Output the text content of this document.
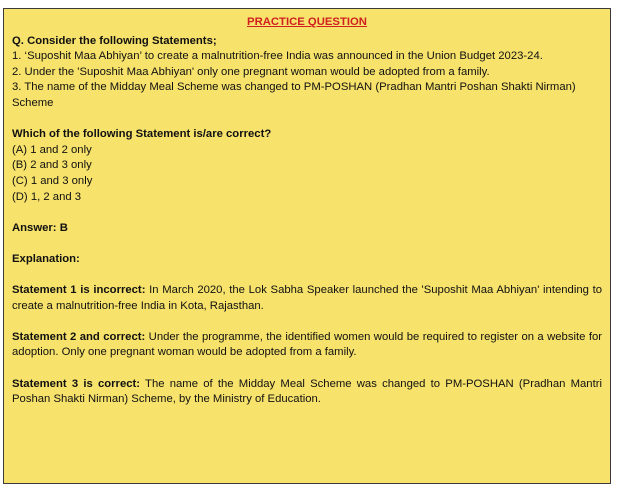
PRACTICE QUESTION

Q. Consider the following Statements;

1. ‘Suposhit Maa Abhiyan’ to create a malnutrition-free India was announced in the Union Budget 2023-24.

2. Under the 'Suposhit Maa Abhiyan' only one pregnant woman would be adopted from a family.

3. The name of the Midday Meal Scheme was changed to PM-POSHAN (Pradhan Mantri Poshan Shakti Nirman) Scheme

Which of the following Statement is/are correct?

(A) 1 and 2 only

(B) 2 and 3 only

(C) 1 and 3 only

(D) 1, 2 and 3

Answer: B

Explanation:

Statement 1 is incorrect: In March 2020, the Lok Sabha Speaker launched the 'Suposhit Maa Abhiyan' intending to create a malnutrition-free India in Kota, Rajasthan.

Statement 2 and correct: Under the programme, the identified women would be required to register on a website for adoption. Only one pregnant woman would be adopted from a family.

Statement 3 is correct: The name of the Midday Meal Scheme was changed to PM-POSHAN (Pradhan Mantri Poshan Shakti Nirman) Scheme, by the Ministry of Education.
